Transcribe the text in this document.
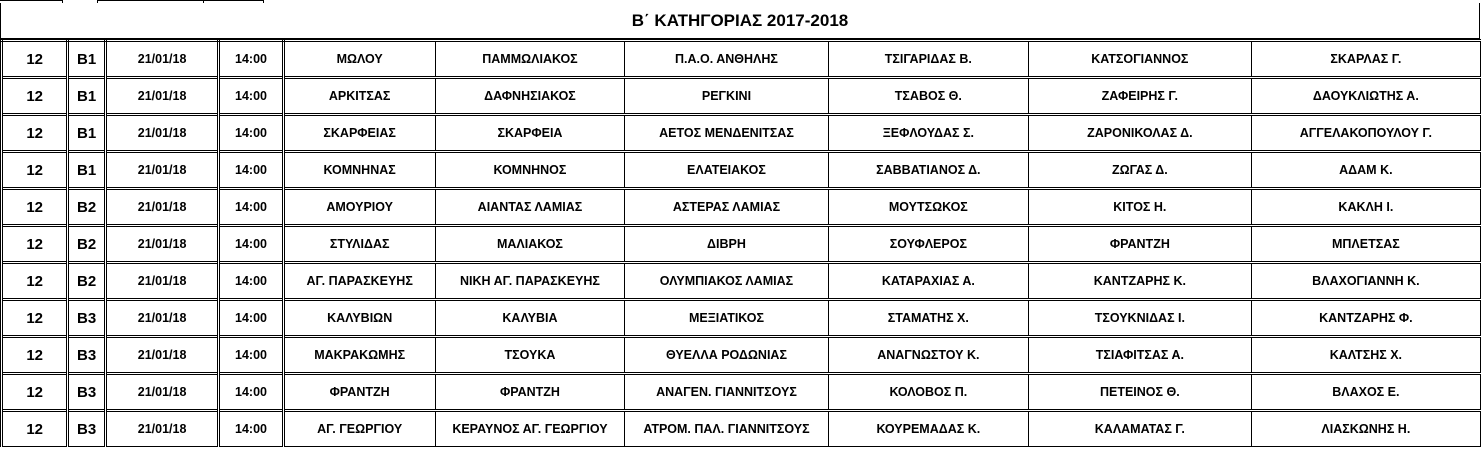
Β΄ ΚΑΤΗΓΟΡΙΑΣ 2017-2018
12	Β1	21/01/18	14:00	ΜΩΛΟΥ	ΠΑΜΜΩΛΙΑΚΟΣ	Π.Α.Ο. ΑΝΘΗΛΗΣ	ΤΣΙΓΑΡΙΔΑΣ Β.	ΚΑΤΣΟΓΙΑΝΝΟΣ	ΣΚΑΡΛΑΣ Γ.
12	Β1	21/01/18	14:00	ΑΡΚΙΤΣΑΣ	ΔΑΦΝΗΣΙΑΚΟΣ	ΡΕΓΚΙΝΙ	ΤΣΑΒΟΣ Θ.	ΖΑΦΕΙΡΗΣ Γ.	ΔΑΟΥΚΛΙΩΤΗΣ Α.
12	Β1	21/01/18	14:00	ΣΚΑΡΦΕΙΑΣ	ΣΚΑΡΦΕΙΑ	ΑΕΤΟΣ ΜΕΝΔΕΝΙΤΣΑΣ	ΞΕΦΛΟΥΔΑΣ Σ.	ΖΑΡΟΝΙΚΟΛΑΣ Δ.	ΑΓΓΕΛΑΚΟΠΟΥΛΟΥ Γ.
12	Β1	21/01/18	14:00	ΚΟΜΝΗΝΑΣ	ΚΟΜΝΗΝΟΣ	ΕΛΑΤΕΙΑΚΟΣ	ΣΑΒΒΑΤΙΑΝΟΣ Δ.	ΖΩΓΑΣ Δ.	ΑΔΑΜ Κ.
12	Β2	21/01/18	14:00	ΑΜΟΥΡΙΟΥ	ΑΙΑΝΤΑΣ ΛΑΜΙΑΣ	ΑΣΤΕΡΑΣ ΛΑΜΙΑΣ	ΜΟΥΤΣΩΚΟΣ	ΚΙΤΟΣ Η.	ΚΑΚΛΗ Ι.
12	Β2	21/01/18	14:00	ΣΤΥΛΙΔΑΣ	ΜΑΛΙΑΚΟΣ	ΔΙΒΡΗ	ΣΟΥΦΛΕΡΟΣ	ΦΡΑΝΤΖΗ	ΜΠΛΕΤΣΑΣ
12	Β2	21/01/18	14:00	ΑΓ. ΠΑΡΑΣΚΕΥΗΣ	ΝΙΚΗ ΑΓ. ΠΑΡΑΣΚΕΥΗΣ	ΟΛΥΜΠΙΑΚΟΣ ΛΑΜΙΑΣ	ΚΑΤΑΡΑΧΙΑΣ Α.	ΚΑΝΤΖΑΡΗΣ Κ.	ΒΛΑΧΟΓΙΑΝΝΗ Κ.
12	Β3	21/01/18	14:00	ΚΑΛΥΒΙΩΝ	ΚΑΛΥΒΙΑ	ΜΕΞΙΑΤΙΚΟΣ	ΣΤΑΜΑΤΗΣ Χ.	ΤΣΟΥΚΝΙΔΑΣ Ι.	ΚΑΝΤΖΑΡΗΣ Φ.
12	Β3	21/01/18	14:00	ΜΑΚΡΑΚΩΜΗΣ	ΤΣΟΥΚΑ	ΘΥΕΛΛΑ ΡΟΔΩΝΙΑΣ	ΑΝΑΓΝΩΣΤΟΥ Κ.	ΤΣΙΑΦΙΤΣΑΣ Α.	ΚΑΛΤΣΗΣ Χ.
12	Β3	21/01/18	14:00	ΦΡΑΝΤΖΗ	ΦΡΑΝΤΖΗ	ΑΝΑΓΕΝ. ΓΙΑΝΝΙΤΣΟΥΣ	ΚΟΛΟΒΟΣ Π.	ΠΕΤΕΙΝΟΣ Θ.	ΒΛΑΧΟΣ Ε.
12	Β3	21/01/18	14:00	ΑΓ. ΓΕΩΡΓΙΟΥ	ΚΕΡΑΥΝΟΣ ΑΓ. ΓΕΩΡΓΙΟΥ	ΑΤΡΟΜ. ΠΑΛ. ΓΙΑΝΝΙΤΣΟΥΣ	ΚΟΥΡΕΜΑΔΑΣ Κ.	ΚΑΛΑΜΑΤΑΣ Γ.	ΛΙΑΣΚΩΝΗΣ Η.
